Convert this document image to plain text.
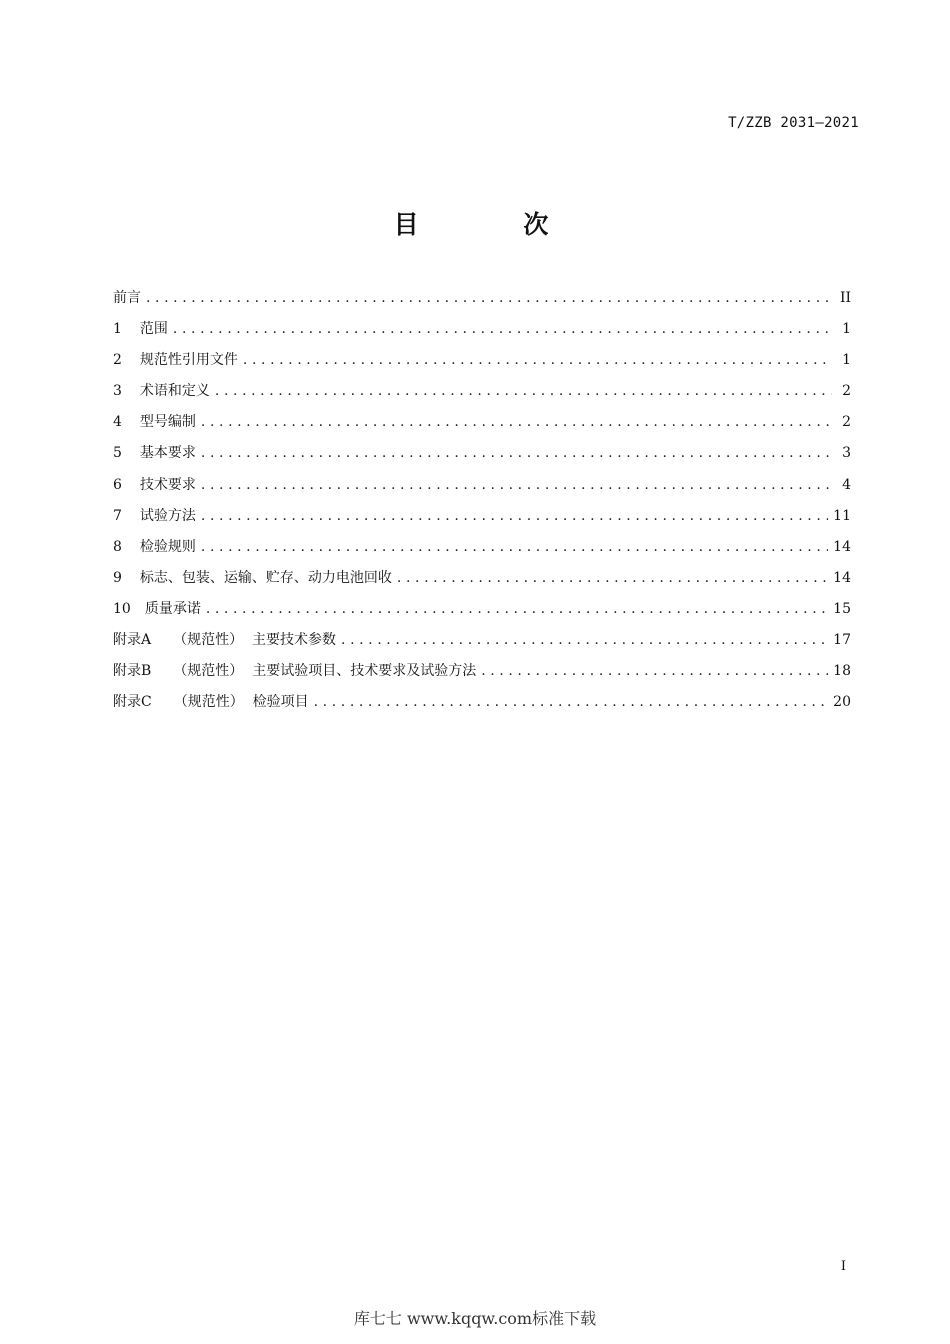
T/ZZB 2031—2021
目 次
前言 .....	II
1 范围 .....	1
2 规范性引用文件 .....	1
3 术语和定义 .....	2
4 型号编制 .....	2
5 基本要求 .....	3
6 技术要求 .....	4
7 试验方法 .....	11
8 检验规则 .....	14
9 标志、包装、运输、贮存、动力电池回收 .....	14
10 质量承诺 .....	15
附录A （规范性）  主要技术参数 .....	17
附录B （规范性）  主要试验项目、技术要求及试验方法 .....	18
附录C （规范性）  检验项目 .....	20
I
库七七 www.kqqw.com标准下载
